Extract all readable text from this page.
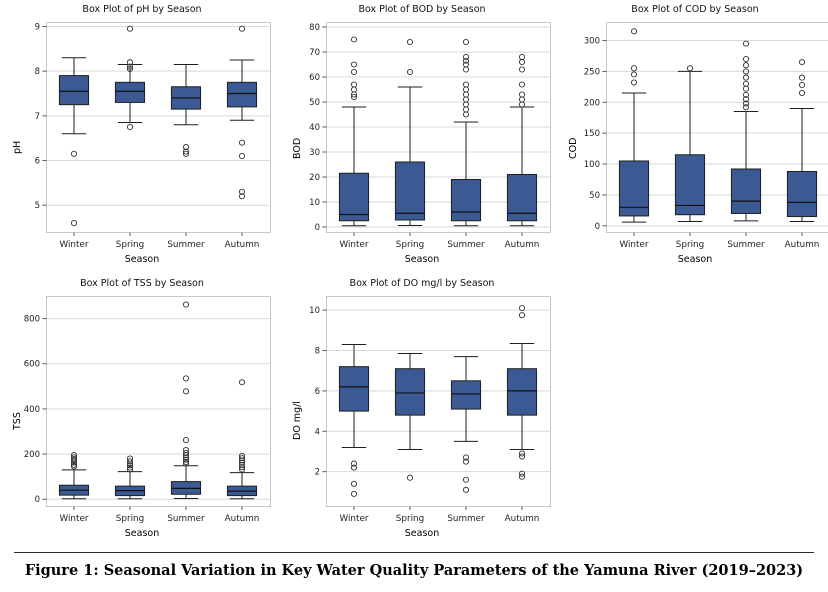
Box Plot of pH by Season
pH
Season
5
6
7
8
9
Winter	Spring	Summer Autumn
Box Plot of BOD by Season
BOD
Season
0
10
20
30
40
50
60
70
80
Winter	Spring	Summer Autumn
Box Plot of COD by Season
COD
Season
0
50
100
150
200
250
300
Winter	Spring	Summer Autumn
Box Plot of TSS by Season
TSS
Season
0
200
400
600
800
Winter	Spring	Summer Autumn
Box Plot of DO mg/l by Season
DO mg/l
Season
2
4
6
8
10
Winter	Spring	Summer Autumn
Figure 1: Seasonal Variation in Key Water Quality Parameters of the Yamuna River (2019–2023)
